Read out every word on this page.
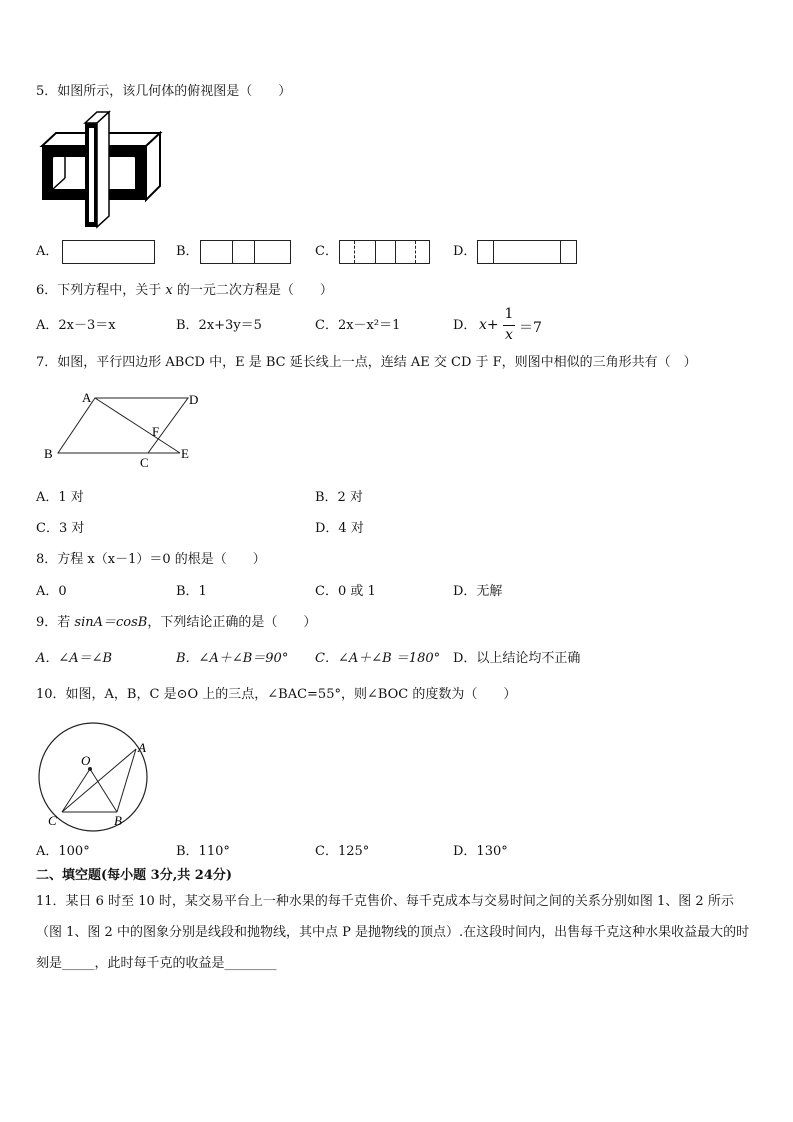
5．如图所示，该几何体的俯视图是（　　）
A．	B．	C．	D．
6．下列方程中，关于 x 的一元二次方程是（　　）
A．2x－3＝x	B．2x+3y＝5	C．2x－x²＝1	D． x+
1
x ＝7
7．如图，平行四边形 ABCD 中，E 是 BC 延长线上一点，连结 AE 交 CD 于 F，则图中相似的三角形共有（　）
A	D
F
B
C
E
A．1 对	B．2 对
C．3 对	D．4 对
8．方程 x（x－1）＝0 的根是（　　）
A．0	B．1	C．0 或 1	D．无解
9．若 sinA＝cosB，下列结论正确的是（　　）
A．∠A＝∠B	B．∠A＋∠B＝90° C．∠A＋∠B ＝180° D．以上结论均不正确
10．如图，A，B，C 是⊙O 上的三点，∠BAC=55°，则∠BOC 的度数为（　　）
O
A
C	B
A．100°	B．110°	C．125°	D．130°
二、填空题(每小题 3分,共 24分)
11．某日 6 时至 10 时，某交易平台上一种水果的每千克售价、每千克成本与交易时间之间的关系分别如图 1、图 2 所示（图 1、图 2 中的图象分别是线段和抛物线，其中点 P 是抛物线的顶点）.在这段时间内，出售每千克这种水果收益最大的时刻是_____，此时每千克的收益是________
